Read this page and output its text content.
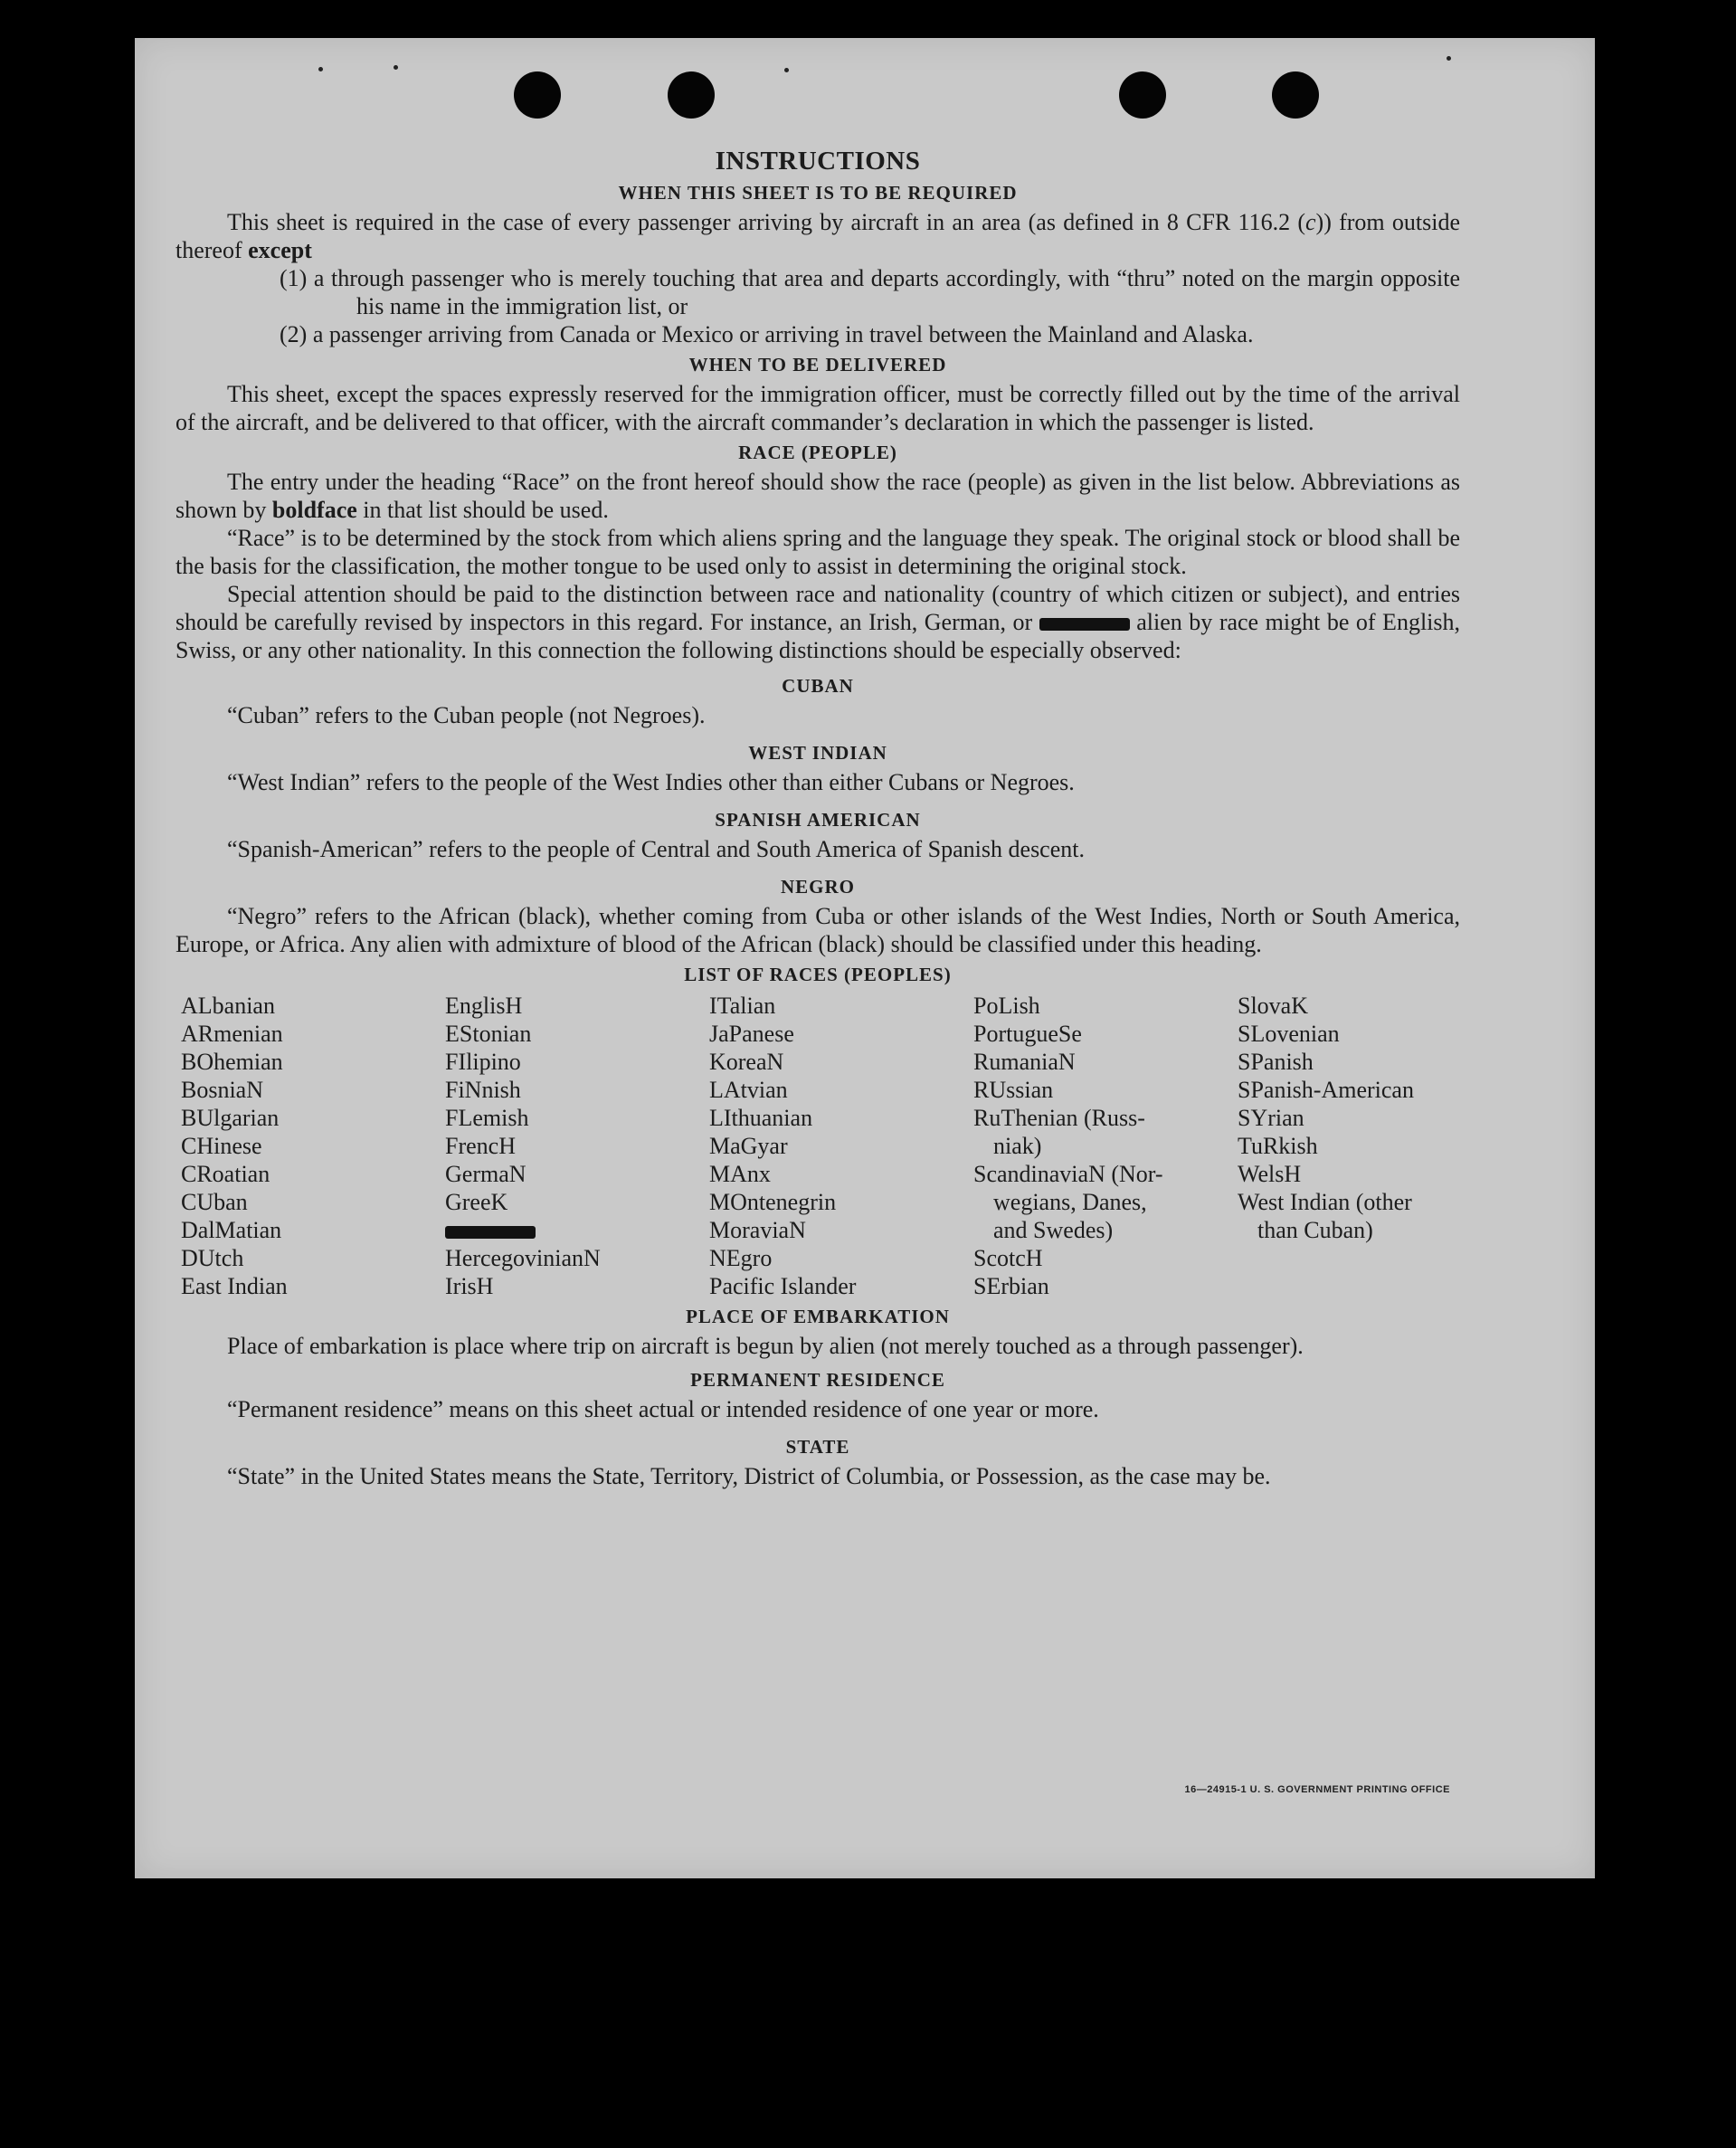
INSTRUCTIONS
WHEN THIS SHEET IS TO BE REQUIRED

This sheet is required in the case of every passenger arriving by aircraft in an area (as defined in 8 CFR 116.2 (c)) from outside thereof except

(1) a through passenger who is merely touching that area and departs accordingly, with “thru” noted on the margin opposite his name in the immigration list, or

(2) a passenger arriving from Canada or Mexico or arriving in travel between the Mainland and Alaska.

WHEN TO BE DELIVERED

This sheet, except the spaces expressly reserved for the immigration officer, must be correctly filled out by the time of the arrival of the aircraft, and be delivered to that officer, with the aircraft commander’s declaration in which the passenger is listed.

RACE (PEOPLE)

The entry under the heading “Race” on the front hereof should show the race (people) as given in the list below. Abbreviations as shown by boldface in that list should be used.

“Race” is to be determined by the stock from which aliens spring and the language they speak. The original stock or blood shall be the basis for the classification, the mother tongue to be used only to assist in determining the original stock.

Special attention should be paid to the distinction between race and nationality (country of which citizen or subject), and entries should be carefully revised by inspectors in this regard. For instance, an Irish, German, or	alien by race might be of English, Swiss, or any other nationality. In this connection the following distinctions should be especially observed:

CUBAN

“Cuban” refers to the Cuban people (not Negroes).

WEST INDIAN

“West Indian” refers to the people of the West Indies other than either Cubans or Negroes.

SPANISH AMERICAN

“Spanish-American” refers to the people of Central and South America of Spanish descent.

NEGRO

“Negro” refers to the African (black), whether coming from Cuba or other islands of the West Indies, North or South America, Europe, or Africa. Any alien with admixture of blood of the African (black) should be classified under this heading.

LIST OF RACES (PEOPLES)
ALbanian
ARmenian
BOhemian
BosniaN
BUlgarian
CHinese
CRoatian
CUban
DalMatian
DUtch
East Indian
EnglisH
EStonian
FIlipino
FiNnish
FLemish
FrencH
GermaN
GreeK
HercegovinianN
IrisH
ITalian
JaPanese
KoreaN
LAtvian
LIthuanian
MaGyar
MAnx
MOntenegrin
MoraviaN
NEgro
Pacific Islander
PoLish
PortugueSe
RumaniaN
RUssian
RuThenian (Russ-
niak)
ScandinaviaN (Nor-
wegians, Danes,
and Swedes)
ScotcH
SErbian
SlovaK
SLovenian
SPanish
SPanish-American
SYrian
TuRkish
WelsH
West Indian (other
than Cuban)
PLACE OF EMBARKATION

Place of embarkation is place where trip on aircraft is begun by alien (not merely touched as a through passenger).

PERMANENT RESIDENCE

“Permanent residence” means on this sheet actual or intended residence of one year or more.

STATE

“State” in the United States means the State, Territory, District of Columbia, or Possession, as the case may be.

16—24915-1 U. S. GOVERNMENT PRINTING OFFICE
